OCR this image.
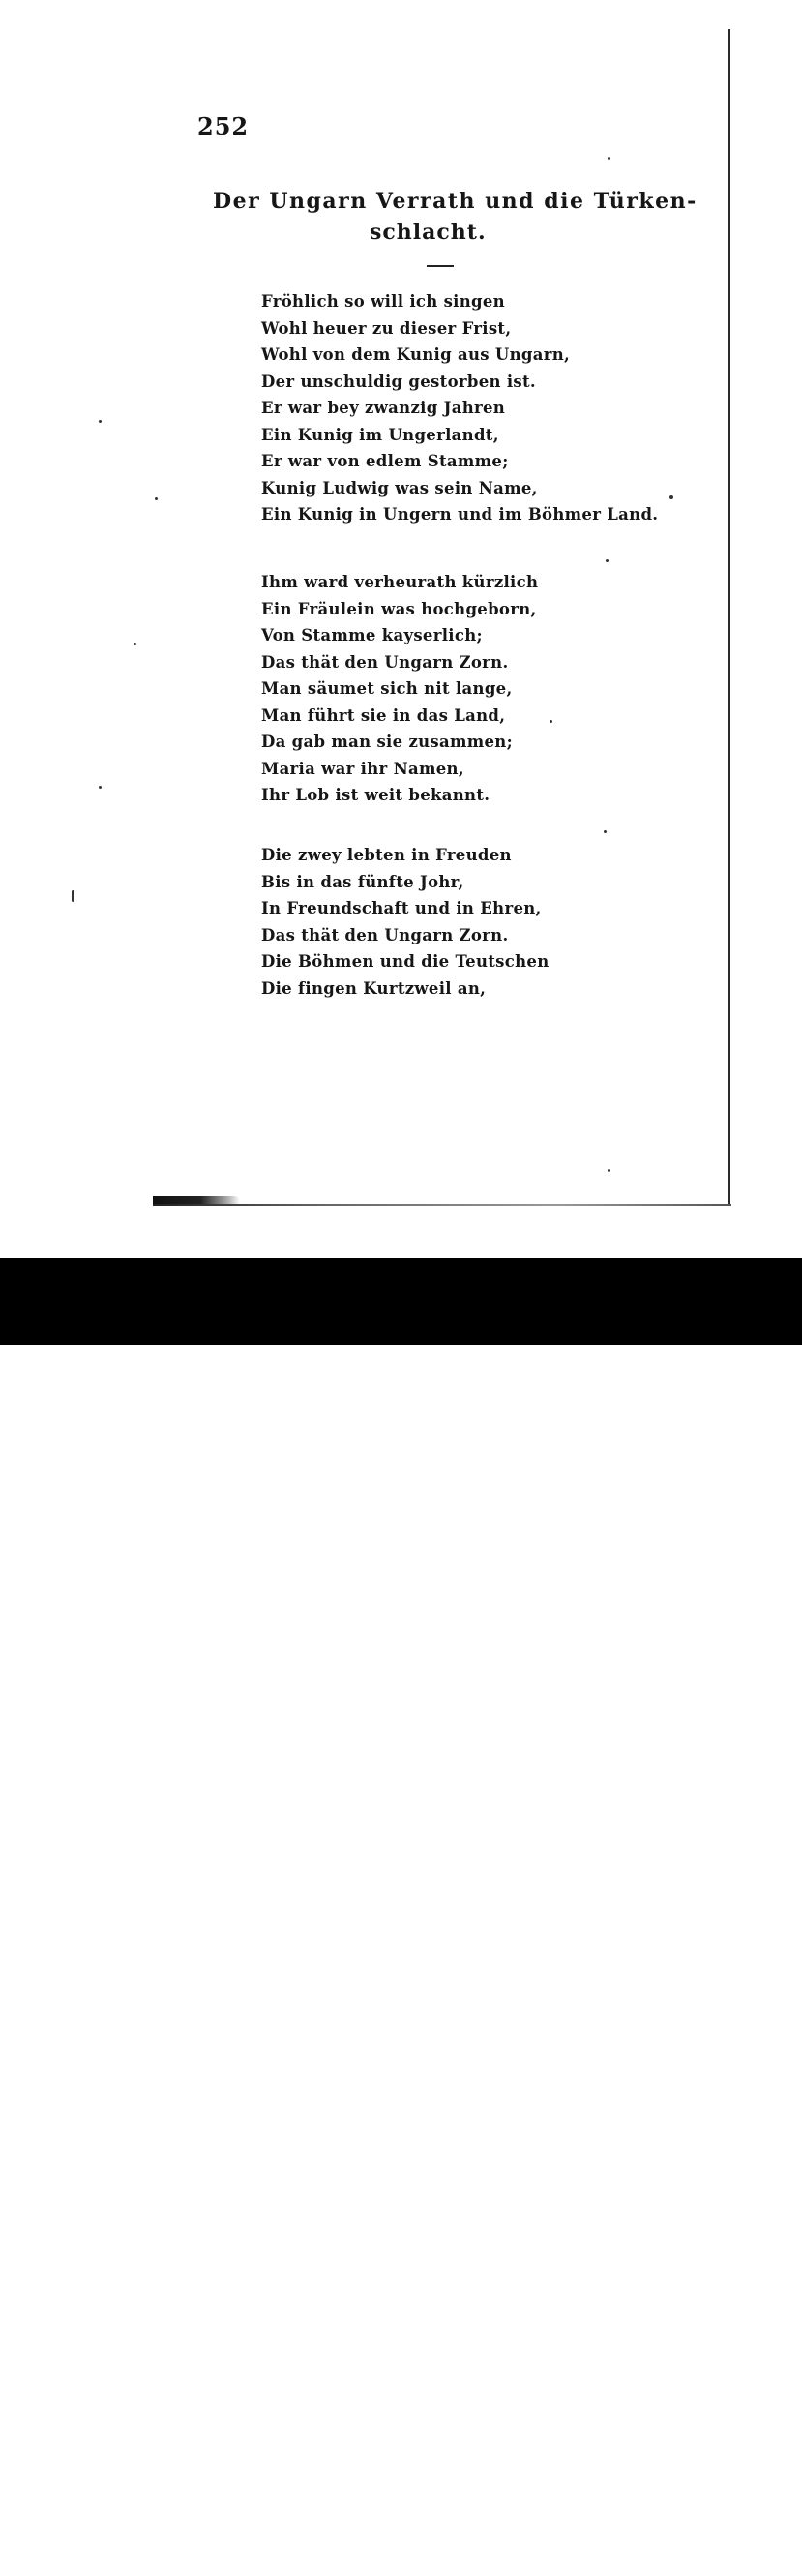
252
Der Ungarn Verrath und die Türken-
schlacht.
Fröhlich so will ich singen
Wohl heuer zu dieser Frist,
Wohl von dem Kunig aus Ungarn,
Der unschuldig gestorben ist.
Er war bey zwanzig Jahren
Ein Kunig im Ungerlandt,
Er war von edlem Stamme;
Kunig Ludwig was sein Name,
Ein Kunig in Ungern und im Böhmer Land.
Ihm ward verheurath kürzlich
Ein Fräulein was hochgeborn,
Von Stamme kayserlich;
Das thät den Ungarn Zorn.
Man säumet sich nit lange,
Man führt sie in das Land,
Da gab man sie zusammen;
Maria war ihr Namen,
Ihr Lob ist weit bekannt.
Die zwey lebten in Freuden
Bis in das fünfte Johr,
In Freundschaft und in Ehren,
Das thät den Ungarn Zorn.
Die Böhmen und die Teutschen
Die fingen Kurtzweil an,
alamy	Image ID: JE67PW
www.alamy.com
